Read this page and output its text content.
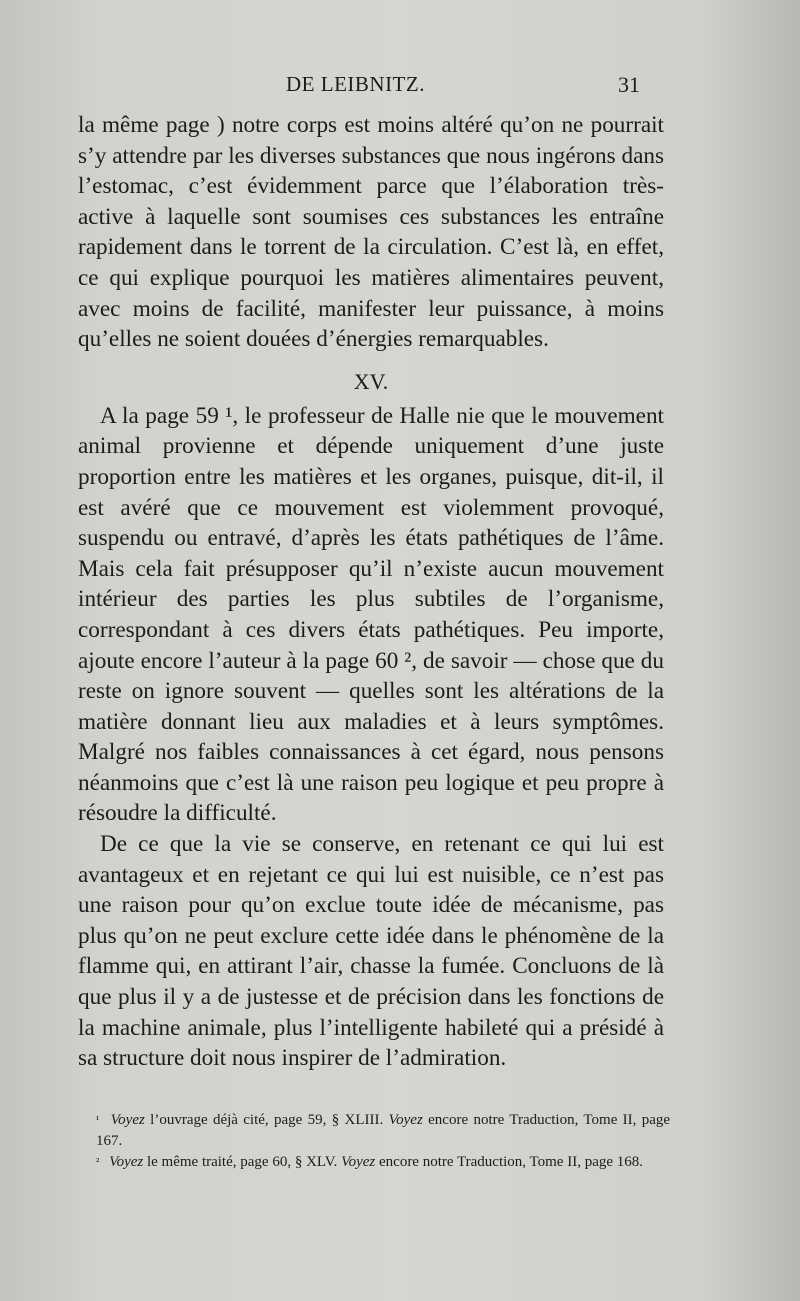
DE LEIBNITZ.	31

la même page ) notre corps est moins altéré qu’on ne pourrait s’y attendre par les diverses substances que nous ingérons dans l’estomac, c’est évidemment parce que l’élaboration très-active à laquelle sont soumises ces substances les entraîne rapidement dans le torrent de la circulation. C’est là, en effet, ce qui explique pourquoi les matières alimentaires peuvent, avec moins de facilité, manifester leur puissance, à moins qu’elles ne soient douées d’énergies remarquables.

XV.

A la page 59 ¹, le professeur de Halle nie que le mouvement animal provienne et dépende uniquement d’une juste proportion entre les matières et les organes, puisque, dit-il, il est avéré que ce mouvement est violemment provoqué, suspendu ou entravé, d’après les états pathétiques de l’âme. Mais cela fait présupposer qu’il n’existe aucun mouvement intérieur des parties les plus subtiles de l’organisme, correspondant à ces divers états pathétiques. Peu importe, ajoute encore l’auteur à la page 60 ², de savoir — chose que du reste on ignore souvent — quelles sont les altérations de la matière donnant lieu aux maladies et à leurs symptômes. Malgré nos faibles connaissances à cet égard, nous pensons néanmoins que c’est là une raison peu logique et peu propre à résoudre la difficulté.

De ce que la vie se conserve, en retenant ce qui lui est avantageux et en rejetant ce qui lui est nuisible, ce n’est pas une raison pour qu’on exclue toute idée de mécanisme, pas plus qu’on ne peut exclure cette idée dans le phénomène de la flamme qui, en attirant l’air, chasse la fumée. Concluons de là que plus il y a de justesse et de précision dans les fonctions de la machine animale, plus l’intelligente habileté qui a présidé à sa structure doit nous inspirer de l’admiration.

$^{^1}$ Voyez l’ouvrage déjà cité, page 59, § XLIII. Voyez encore notre Traduction, Tome II, page 167.

$^{^2}$ Voyez le même traité, page 60, § XLV. Voyez encore notre Traduction, Tome II, page 168.
